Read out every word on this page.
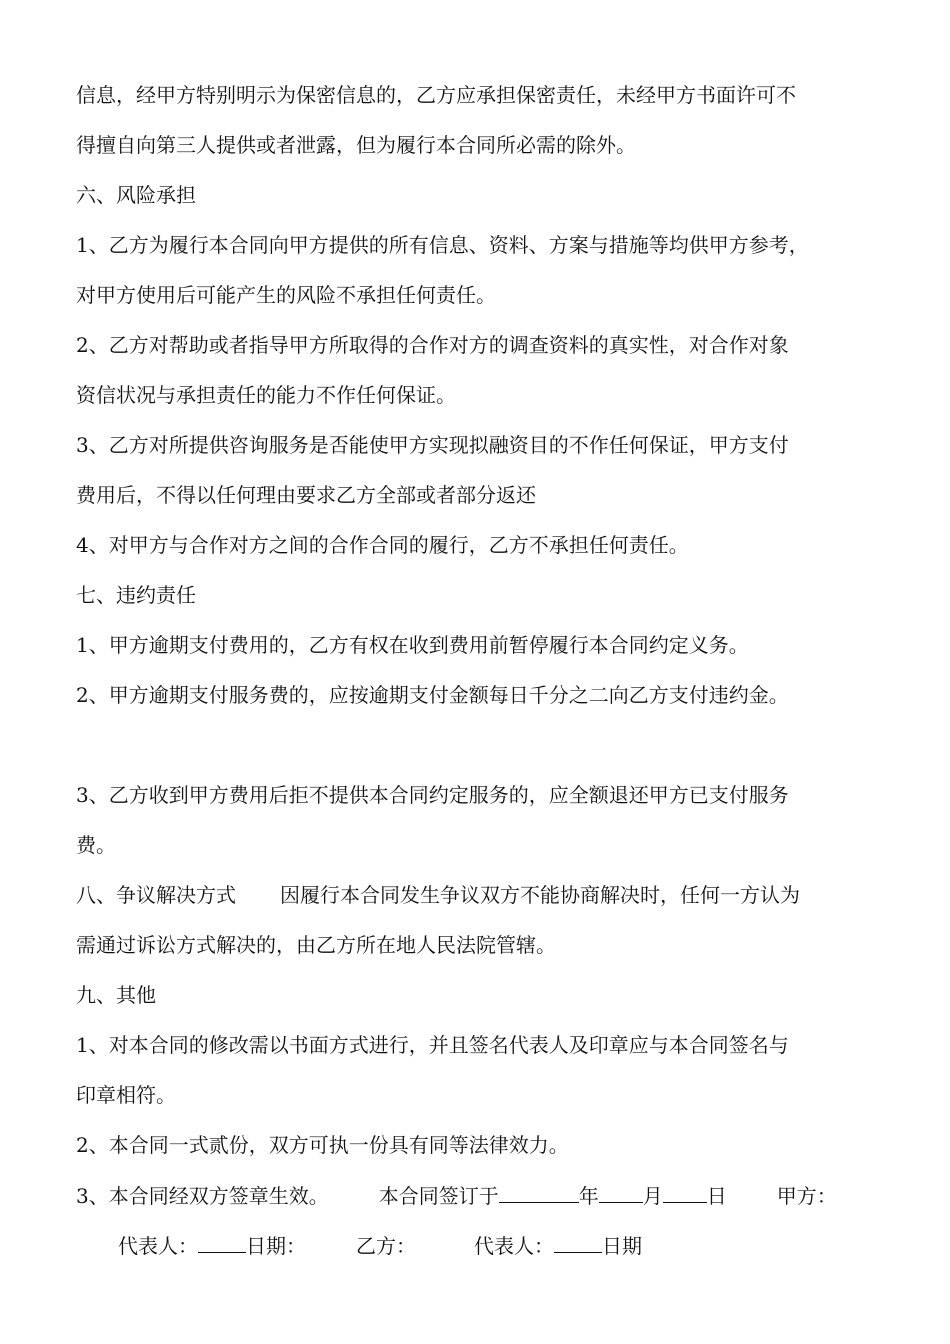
信息，经甲方特别明示为保密信息的，乙方应承担保密责任，未经甲方书面许可不

得擅自向第三人提供或者泄露，但为履行本合同所必需的除外。

六、风险承担

1、乙方为履行本合同向甲方提供的所有信息、资料、方案与措施等均供甲方参考，

对甲方使用后可能产生的风险不承担任何责任。

2、乙方对帮助或者指导甲方所取得的合作对方的调查资料的真实性，对合作对象

资信状况与承担责任的能力不作任何保证。

3、乙方对所提供咨询服务是否能使甲方实现拟融资目的不作任何保证，甲方支付

费用后，不得以任何理由要求乙方全部或者部分返还

4、对甲方与合作对方之间的合作合同的履行，乙方不承担任何责任。

七、违约责任

1、甲方逾期支付费用的，乙方有权在收到费用前暂停履行本合同约定义务。

2、甲方逾期支付服务费的，应按逾期支付金额每日千分之二向乙方支付违约金。

3、乙方收到甲方费用后拒不提供本合同约定服务的，应全额退还甲方已支付服务

费。

八、争议解决方式 因履行本合同发生争议双方不能协商解决时，任何一方认为

需通过诉讼方式解决的，由乙方所在地人民法院管辖。

九、其他

1、对本合同的修改需以书面方式进行，并且签名代表人及印章应与本合同签名与

印章相符。

2、本合同一式贰份，双方可执一份具有同等法律效力。

3、本合同经双方签章生效。	本合同签订于	年 月 日	甲方：

代表人： 日期：	乙方：	代表人： 日期
